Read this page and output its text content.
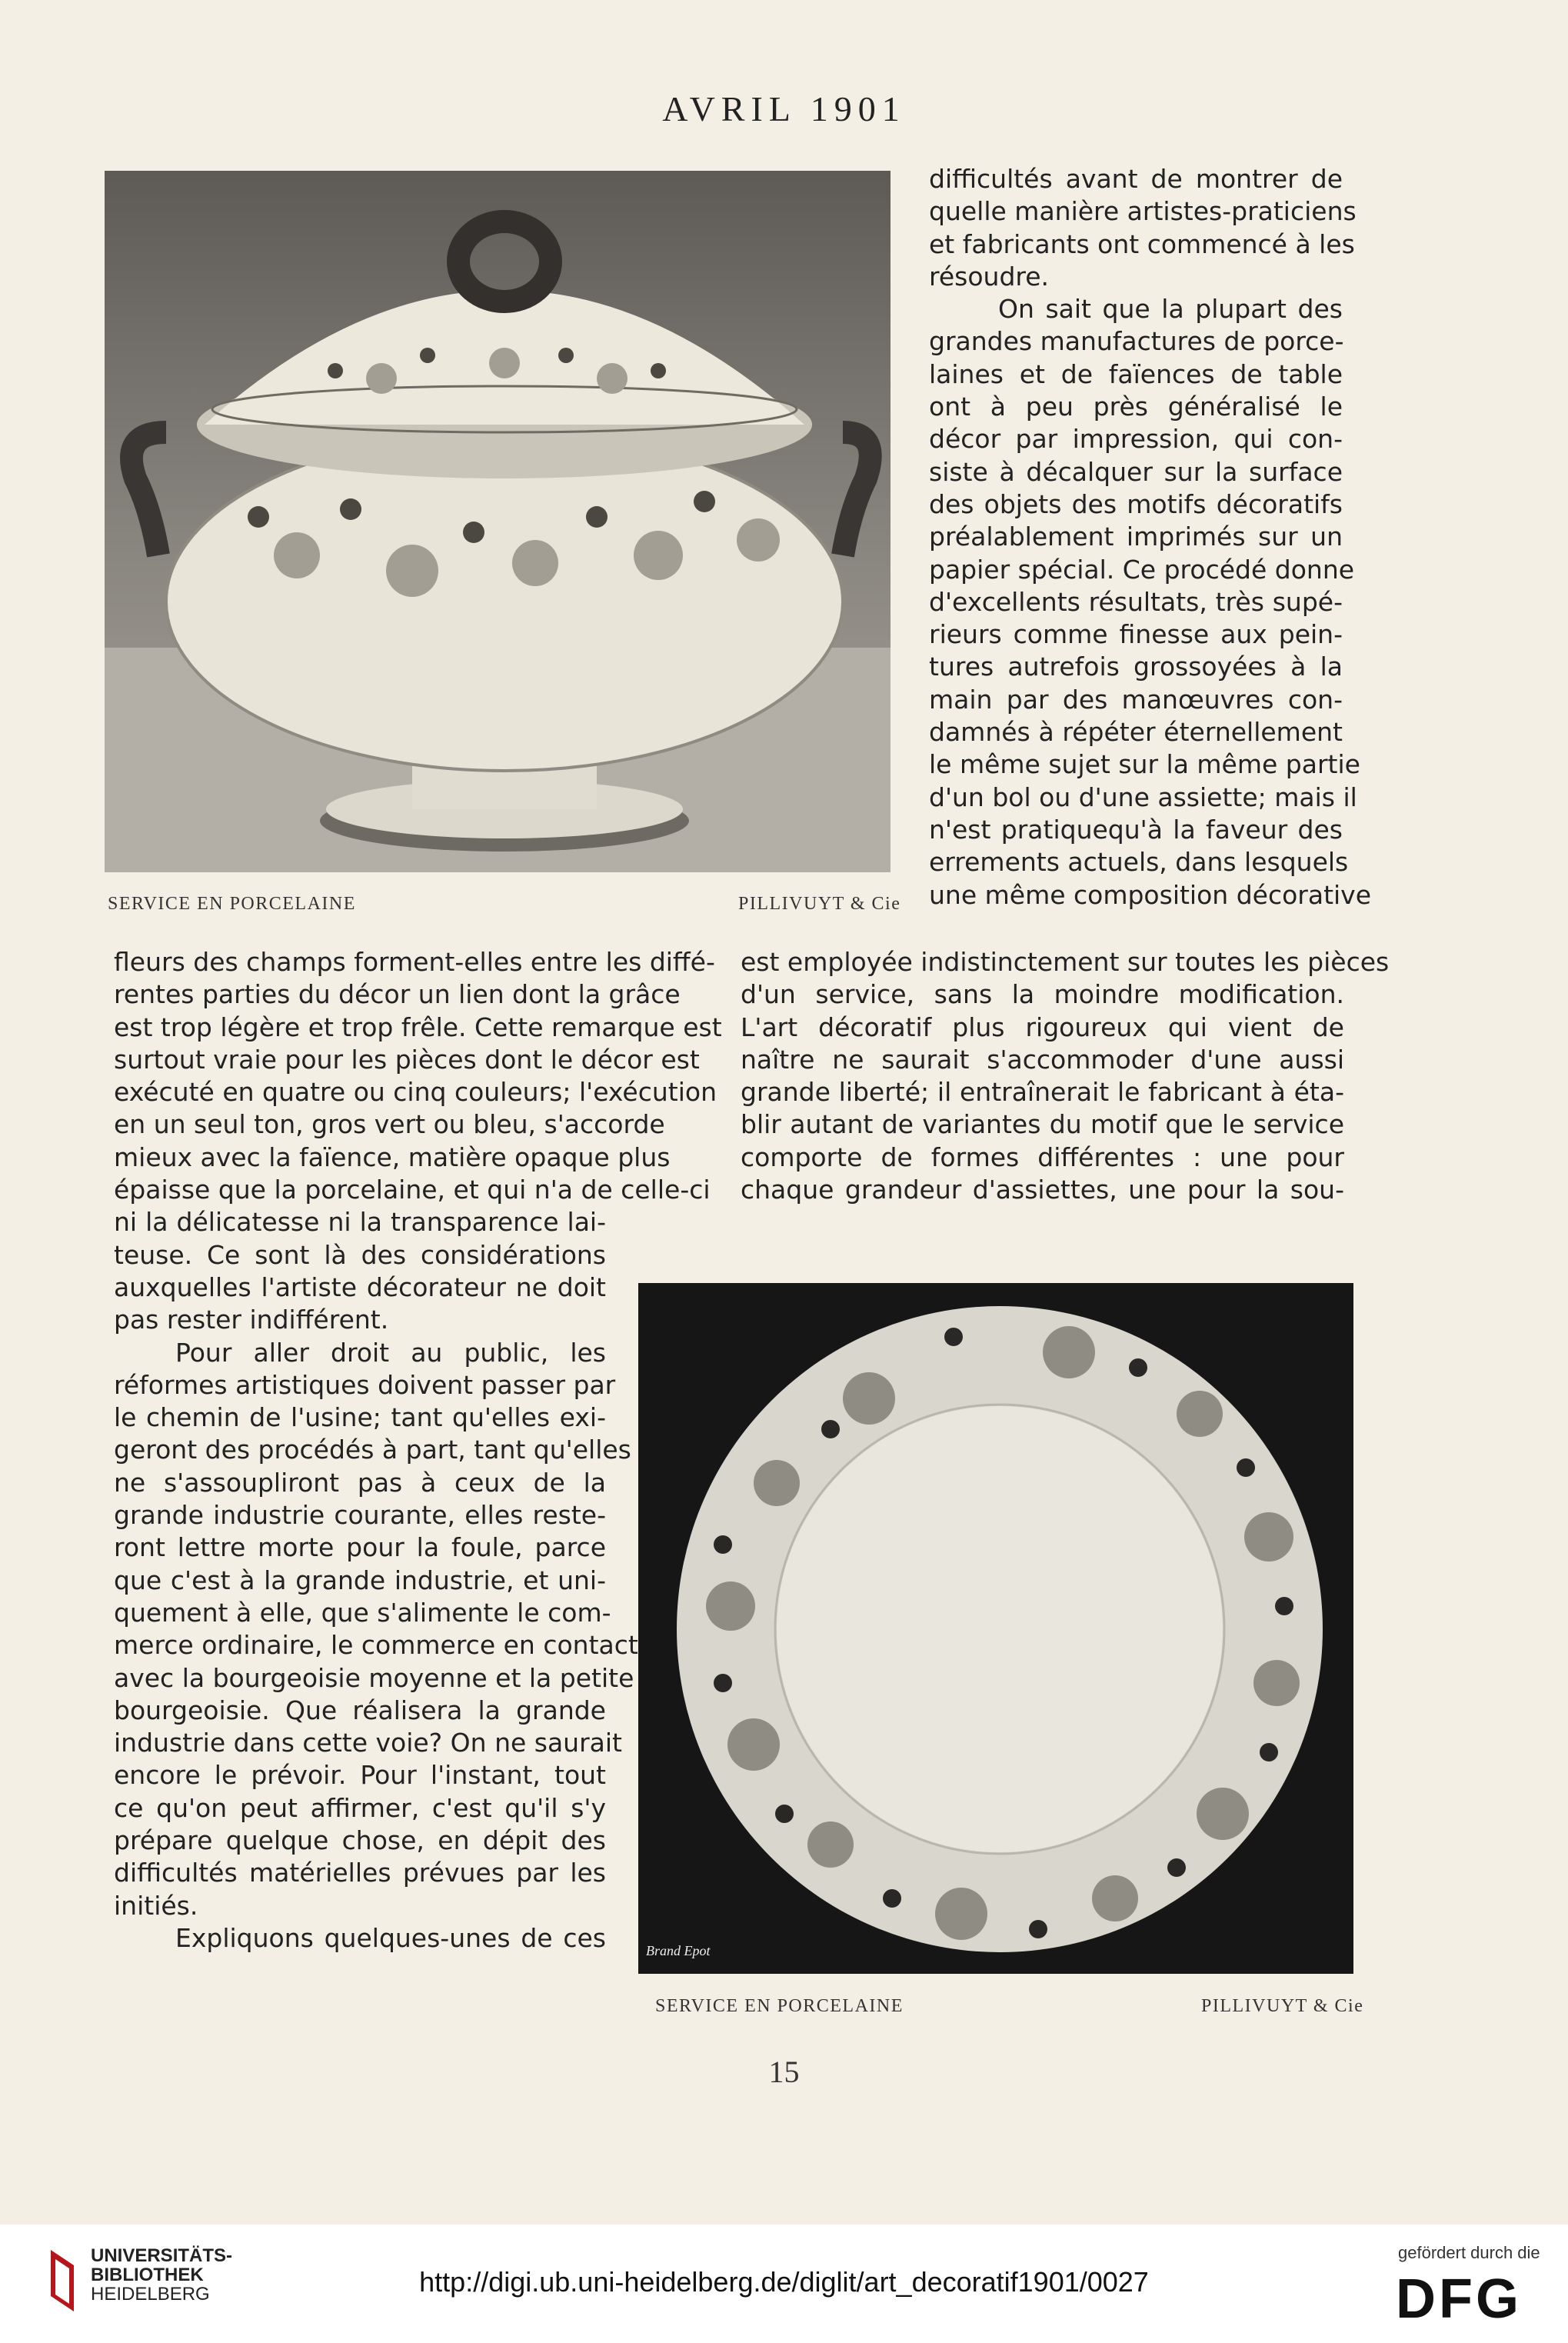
AVRIL 1901
SERVICE EN PORCELAINE	PILLIVUYT & Cie
difficultés avant de montrer de
quelle manière artistes-praticiens
et fabricants ont commencé à les
résoudre.
On sait que la plupart des
grandes manufactures de porce-
laines et de faïences de table
ont à peu près généralisé le
décor par impression, qui con-
siste à décalquer sur la surface
des objets des motifs décoratifs
préalablement imprimés sur un
papier spécial. Ce procédé donne
d'excellents résultats, très supé-
rieurs comme finesse aux pein-
tures autrefois grossoyées à la
main par des manœuvres con-
damnés à répéter éternellement
le même sujet sur la même partie
d'un bol ou d'une assiette; mais il
n'est pratiquequ'à la faveur des
errements actuels, dans lesquels
une même composition décorative
fleurs des champs forment-elles entre les diffé-
rentes parties du décor un lien dont la grâce
est trop légère et trop frêle. Cette remarque est
surtout vraie pour les pièces dont le décor est
exécuté en quatre ou cinq couleurs; l'exécution
en un seul ton, gros vert ou bleu, s'accorde
mieux avec la faïence, matière opaque plus
épaisse que la porcelaine, et qui n'a de celle-ci
ni la délicatesse ni la transparence lai-
teuse. Ce sont là des considérations
auxquelles l'artiste décorateur ne doit
pas rester indifférent.
Pour aller droit au public, les
réformes artistiques doivent passer par
le chemin de l'usine; tant qu'elles exi-
geront des procédés à part, tant qu'elles
ne s'assoupliront pas à ceux de la
grande industrie courante, elles reste-
ront lettre morte pour la foule, parce
que c'est à la grande industrie, et uni-
quement à elle, que s'alimente le com-
merce ordinaire, le commerce en contact
avec la bourgeoisie moyenne et la petite
bourgeoisie. Que réalisera la grande
industrie dans cette voie? On ne saurait
encore le prévoir. Pour l'instant, tout
ce qu'on peut affirmer, c'est qu'il s'y
prépare quelque chose, en dépit des
difficultés matérielles prévues par les
initiés.
Expliquons quelques-unes de ces
est employée indistinctement sur toutes les pièces
d'un service, sans la moindre modification.
L'art décoratif plus rigoureux qui vient de
naître ne saurait s'accommoder d'une aussi
grande liberté; il entraînerait le fabricant à éta-
blir autant de variantes du motif que le service
comporte de formes différentes : une pour
chaque grandeur d'assiettes, une pour la sou-
Brand Epot
SERVICE EN PORCELAINE	PILLIVUYT & Cie
15
UNIVERSITÄTS-
BIBLIOTHEK
HEIDELBERG	http://digi.ub.uni-heidelberg.de/diglit/art_decoratif1901/0027
gefördert durch die
DFG
